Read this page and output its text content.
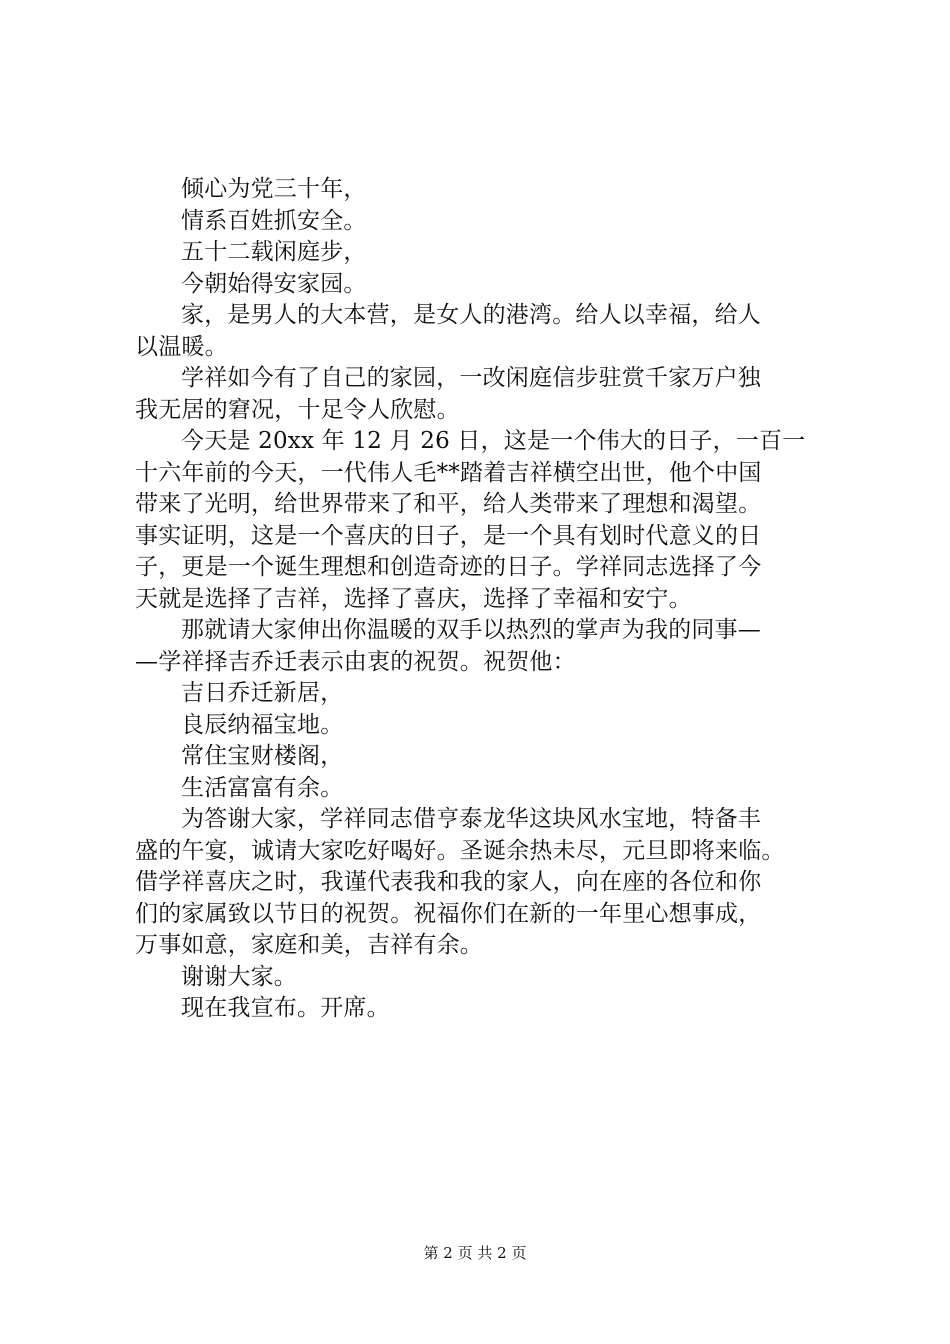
倾心为党三十年，
情系百姓抓安全。
五十二载闲庭步，
今朝始得安家园。
家，是男人的大本营，是女人的港湾。给人以幸福，给人
以温暖。
学祥如今有了自己的家园，一改闲庭信步驻赏千家万户独
我无居的窘况，十足令人欣慰。
今天是 20xx 年 12 月 26 日，这是一个伟大的日子，一百一
十六年前的今天，一代伟人毛**踏着吉祥横空出世，他个中国
带来了光明，给世界带来了和平，给人类带来了理想和渴望。
事实证明，这是一个喜庆的日子，是一个具有划时代意义的日
子，更是一个诞生理想和创造奇迹的日子。学祥同志选择了今
天就是选择了吉祥，选择了喜庆，选择了幸福和安宁。
那就请大家伸出你温暖的双手以热烈的掌声为我的同事—
—学祥择吉乔迁表示由衷的祝贺。祝贺他：
吉日乔迁新居，
良辰纳福宝地。
常住宝财楼阁，
生活富富有余。
为答谢大家，学祥同志借亨泰龙华这块风水宝地，特备丰
盛的午宴，诚请大家吃好喝好。圣诞余热未尽，元旦即将来临。
借学祥喜庆之时，我谨代表我和我的家人，向在座的各位和你
们的家属致以节日的祝贺。祝福你们在新的一年里心想事成，
万事如意，家庭和美，吉祥有余。
谢谢大家。
现在我宣布。开席。
第 2 页 共 2 页
